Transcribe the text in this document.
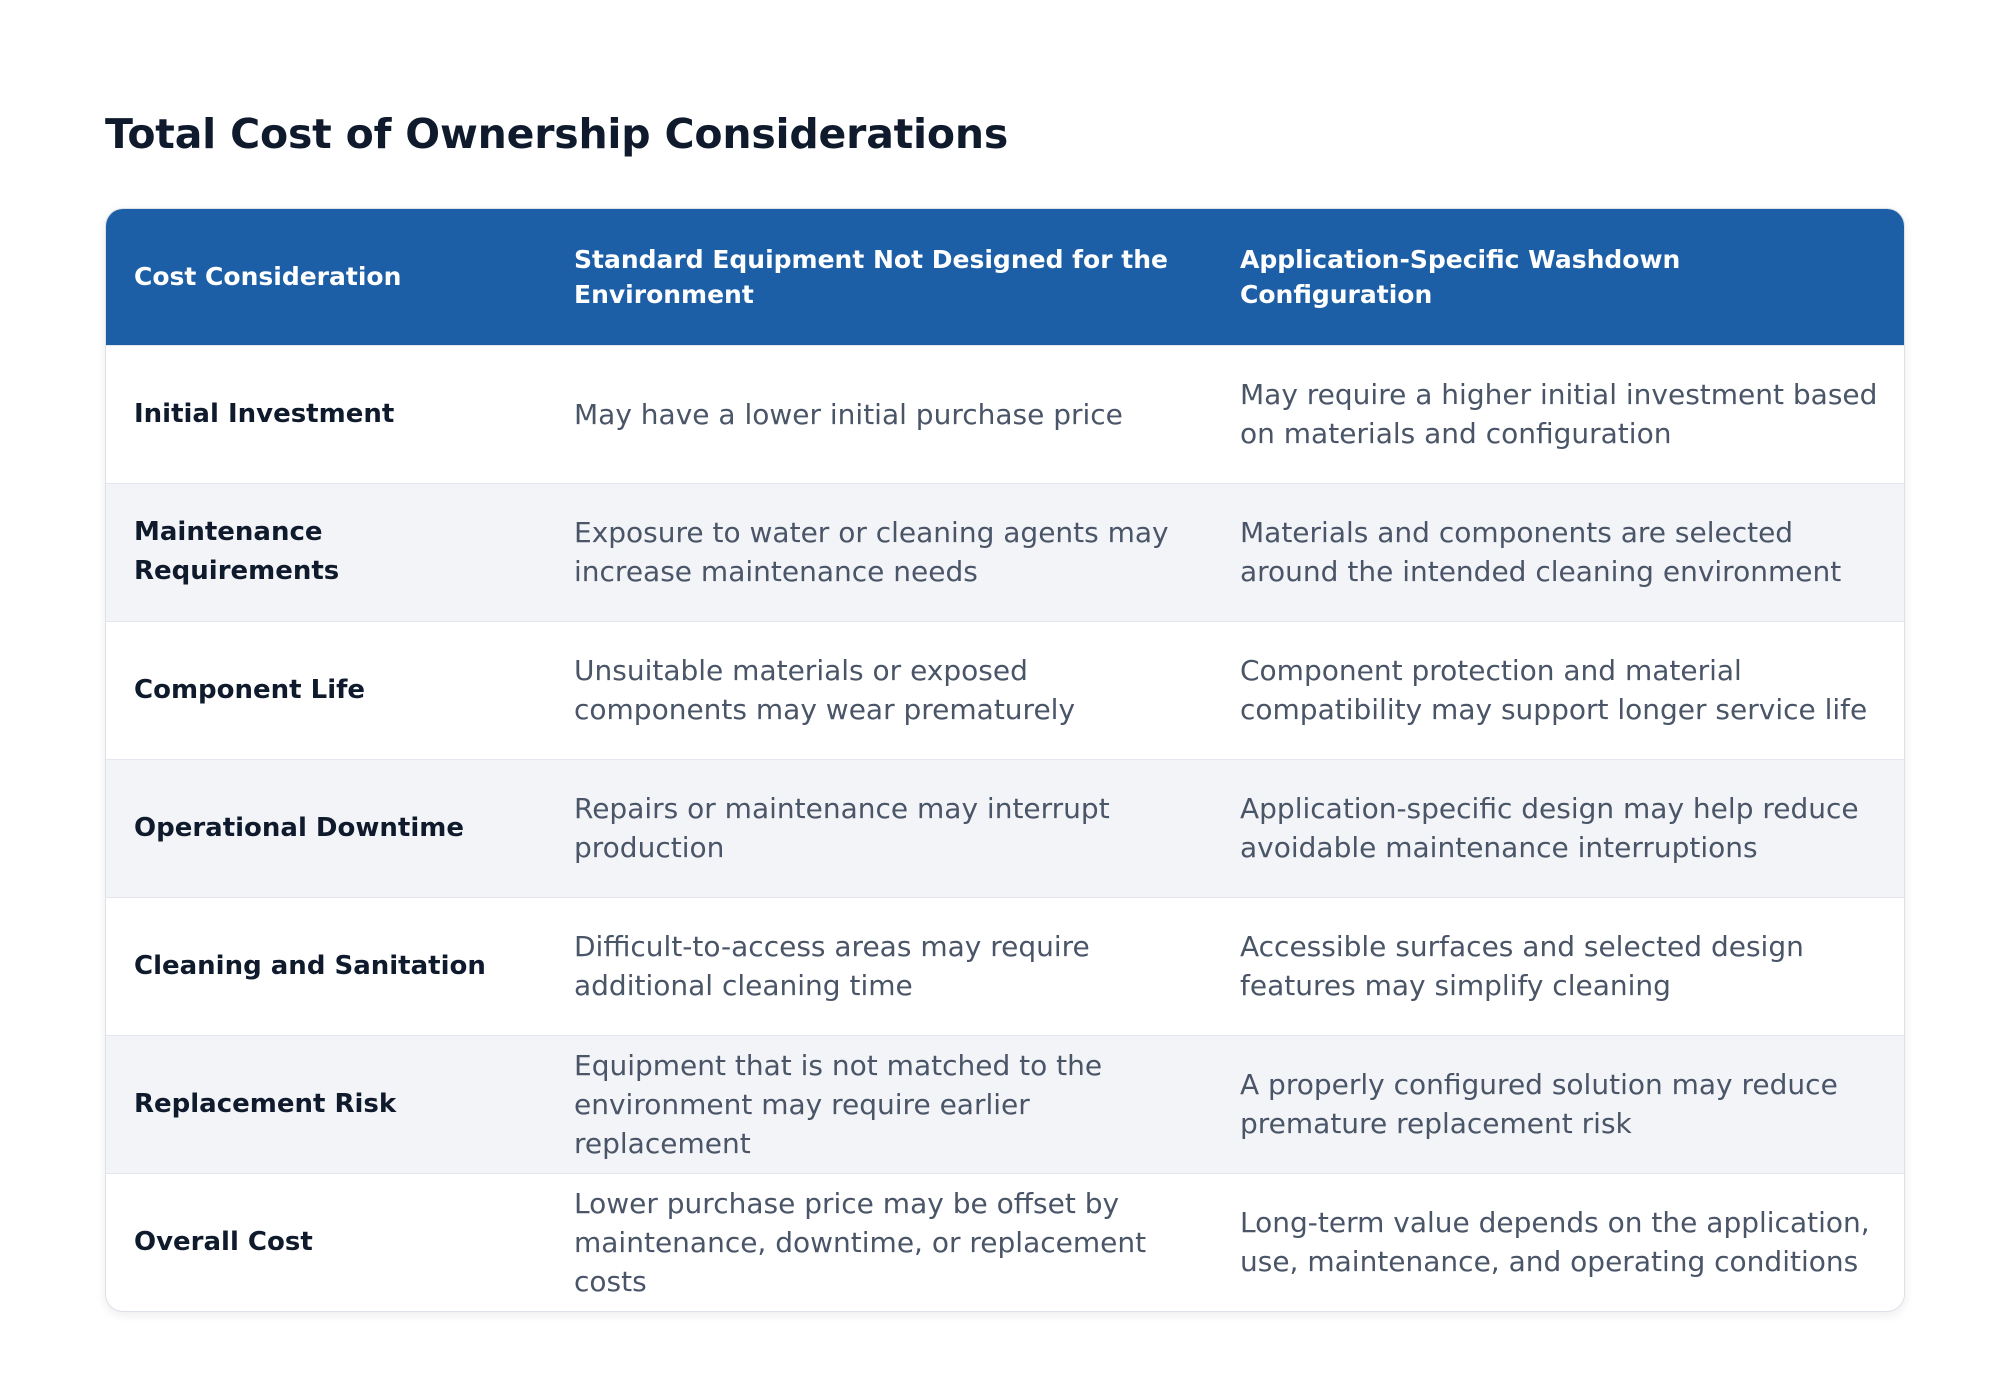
Total Cost of Ownership Considerations
Cost Consideration	Standard Equipment Not Designed for the Environment	Application-Specific Washdown Configuration
Initial Investment	May have a lower initial purchase price	May require a higher initial investment based on materials and configuration
Maintenance Requirements	Exposure to water or cleaning agents may increase maintenance needs	Materials and components are selected around the intended cleaning environment
Component Life	Unsuitable materials or exposed components may wear prematurely	Component protection and material compatibility may support longer service life
Operational Downtime	Repairs or maintenance may interrupt production	Application-specific design may help reduce avoidable maintenance interruptions
Cleaning and Sanitation	Difficult-to-access areas may require additional cleaning time	Accessible surfaces and selected design features may simplify cleaning
Replacement Risk	Equipment that is not matched to the environment may require earlier replacement	A properly configured solution may reduce premature replacement risk
Overall Cost	Lower purchase price may be offset by maintenance, downtime, or replacement costs	Long-term value depends on the application, use, maintenance, and operating conditions
